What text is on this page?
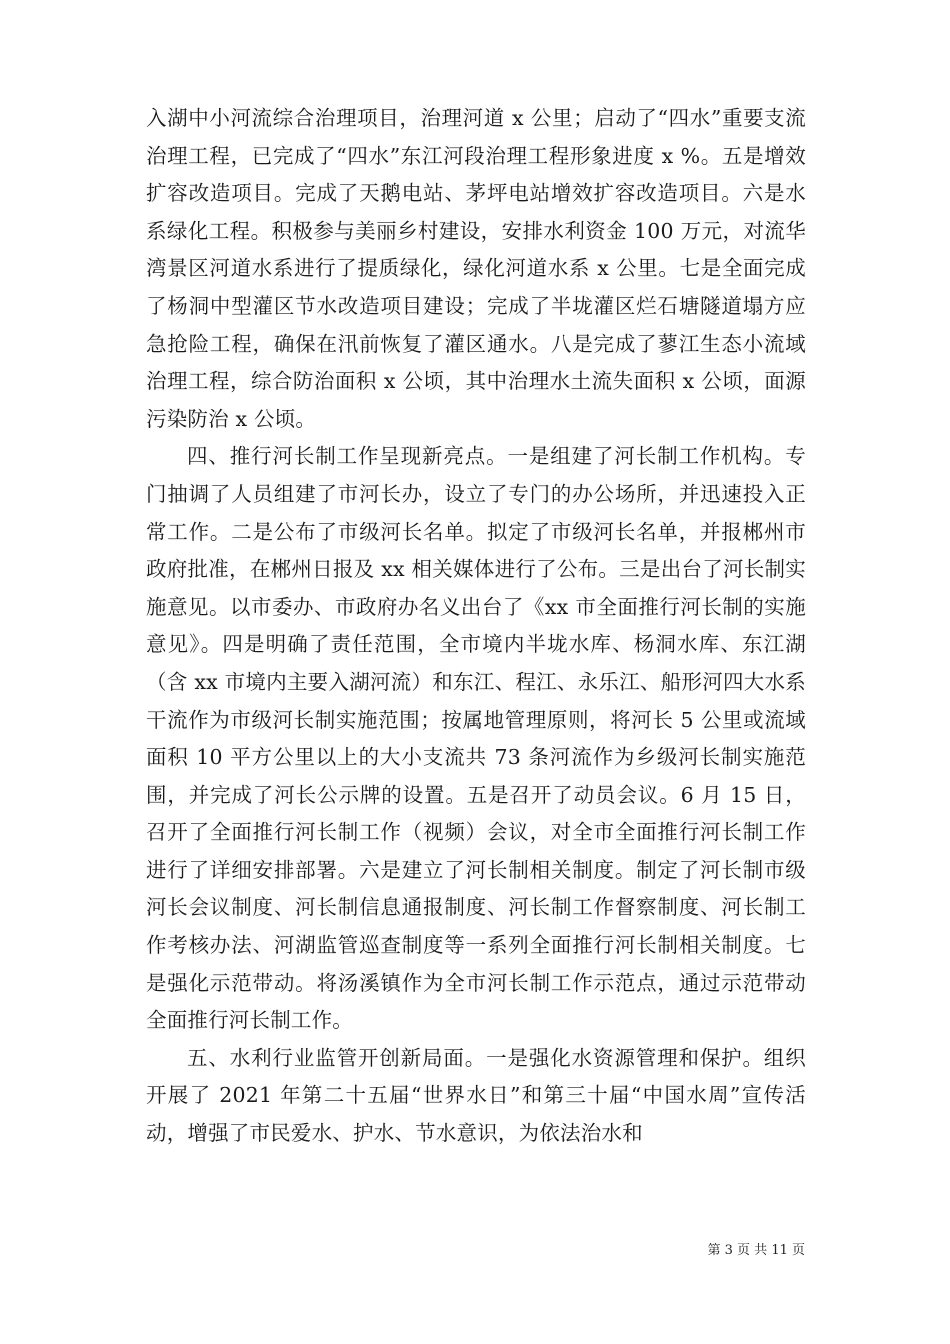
入湖中小河流综合治理项目，治理河道 x 公里；启动了“四水”重要支流治理工程，已完成了“四水”东江河段治理工程形象进度 x %。五是增效扩容改造项目。完成了天鹅电站、茅坪电站增效扩容改造项目。六是水系绿化工程。积极参与美丽乡村建设，安排水利资金 100 万元，对流华湾景区河道水系进行了提质绿化，绿化河道水系 x 公里。七是全面完成了杨洞中型灌区节水改造项目建设；完成了半垅灌区烂石塘隧道塌方应急抢险工程，确保在汛前恢复了灌区通水。八是完成了蓼江生态小流域治理工程，综合防治面积 x 公顷，其中治理水土流失面积 x 公顷，面源污染防治 x 公顷。

四、推行河长制工作呈现新亮点。一是组建了河长制工作机构。专门抽调了人员组建了市河长办，设立了专门的办公场所，并迅速投入正常工作。二是公布了市级河长名单。拟定了市级河长名单，并报郴州市政府批准，在郴州日报及 xx 相关媒体进行了公布。三是出台了河长制实施意见。以市委办、市政府办名义出台了《xx 市全面推行河长制的实施意见》。四是明确了责任范围，全市境内半垅水库、杨洞水库、东江湖（含 xx 市境内主要入湖河流）和东江、程江、永乐江、船形河四大水系干流作为市级河长制实施范围；按属地管理原则，将河长 5 公里或流域面积 10 平方公里以上的大小支流共 73 条河流作为乡级河长制实施范围，并完成了河长公示牌的设置。五是召开了动员会议。6 月 15 日，召开了全面推行河长制工作（视频）会议，对全市全面推行河长制工作进行了详细安排部署。六是建立了河长制相关制度。制定了河长制市级河长会议制度、河长制信息通报制度、河长制工作督察制度、河长制工作考核办法、河湖监管巡查制度等一系列全面推行河长制相关制度。七是强化示范带动。将汤溪镇作为全市河长制工作示范点，通过示范带动全面推行河长制工作。

五、水利行业监管开创新局面。一是强化水资源管理和保护。组织开展了 2021 年第二十五届“世界水日”和第三十届“中国水周”宣传活动，增强了市民爱水、护水、节水意识，为依法治水和

第 3 页 共 11 页
